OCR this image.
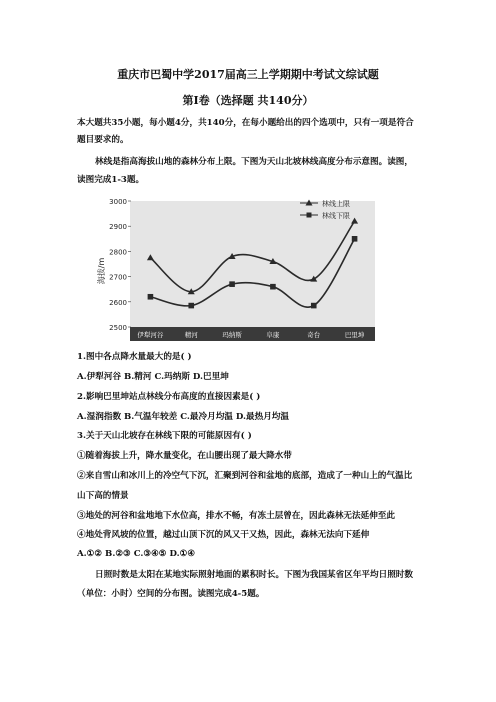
重庆市巴蜀中学2017届高三上学期期中考试文综试题
第Ⅰ卷（选择题 共140分）
本大题共35小题，每小题4分，共140分，在每小题给出的四个选项中，只有一项是符合
题目要求的。
林线是指高海拔山地的森林分布上限。下图为天山北坡林线高度分布示意图。读图，
读图完成1-3题。
3000
2900
2800
2700
2600
2500
海拔/m
伊犁河谷	精河	玛纳斯	阜康	奇台	巴里坤
林线上限
林线下限
1.图中各点降水量最大的是( )
A.伊犁河谷 B.精河 C.玛纳斯 D.巴里坤
2.影响巴里坤站点林线分布高度的直接因素是( )
A.湿润指数 B.气温年较差 C.最冷月均温 D.最热月均温
3.关于天山北坡存在林线下限的可能原因有( )
①随着海拔上升，降水量变化，在山腰出现了最大降水带
②来自雪山和冰川上的冷空气下沉，汇聚到河谷和盆地的底部，造成了一种山上的气温比
山下高的情景
③地处的河谷和盆地地下水位高，排水不畅，有冻土层曾在，因此森林无法延伸至此
④地处背风坡的位置，越过山顶下沉的风又干又热，因此，森林无法向下延伸
A.①② B.②③ C.③④⑤ D.①④
日照时数是太阳在某地实际照射地面的累积时长。下图为我国某省区年平均日照时数
（单位：小时）空间的分布图。读图完成4-5题。
